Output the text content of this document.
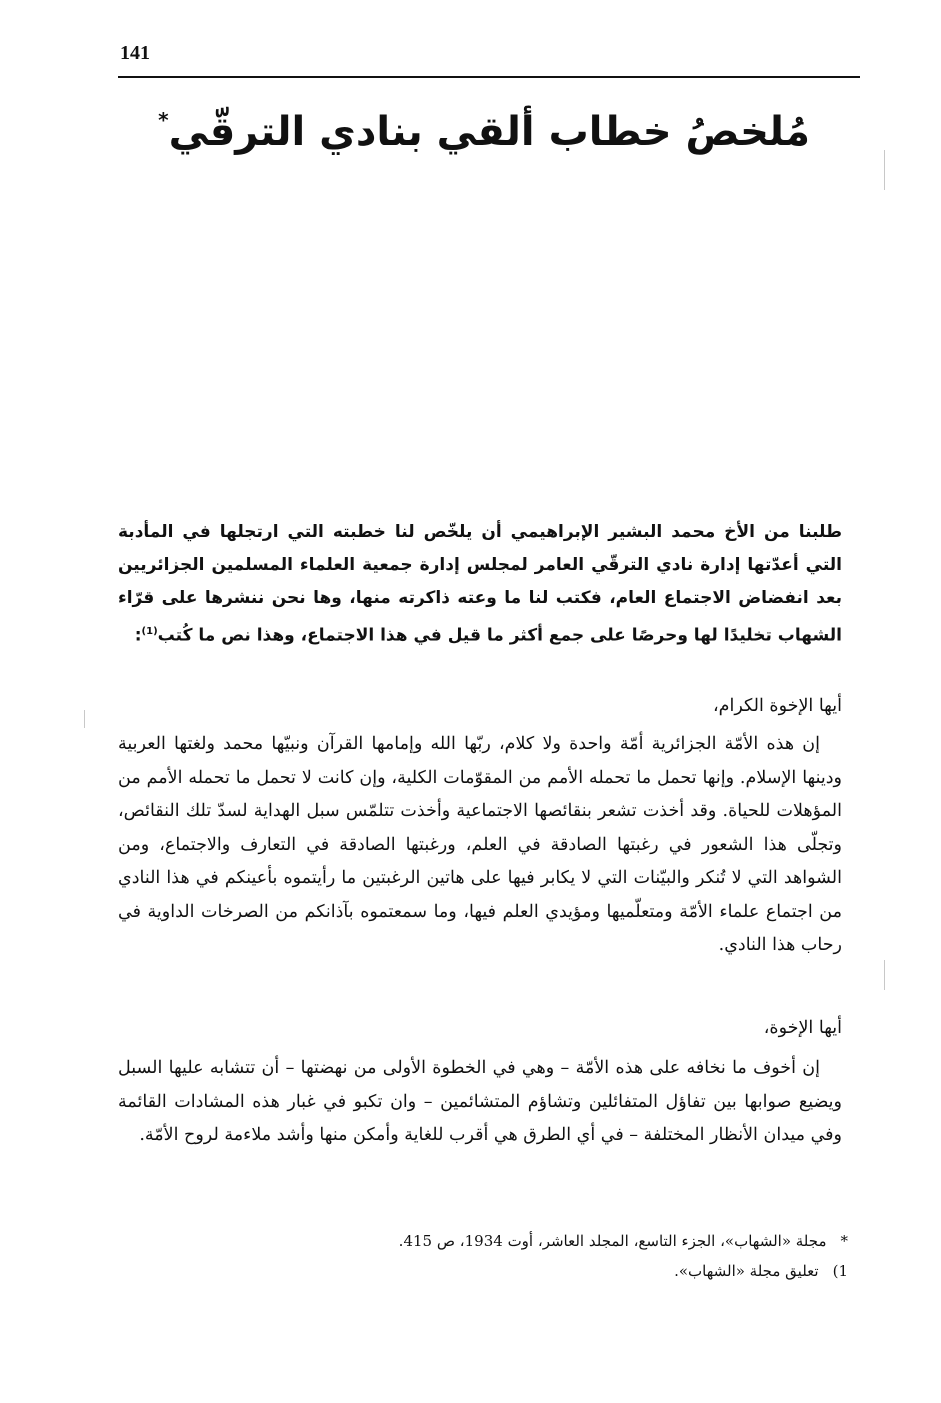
141
مُلخصُ خطاب ألقي بنادي الترقّي*
طلبنا من الأخ محمد البشير الإبراهيمي أن يلخّص لنا خطبته التي ارتجلها في المأدبة التي أعدّتها إدارة نادي الترقّي العامر لمجلس إدارة جمعية العلماء المسلمين الجزائريين بعد انفضاض الاجتماع العام، فكتب لنا ما وعته ذاكرته منها، وها نحن ننشرها على قرّاء الشهاب تخليدًا لها وحرصًا على جمع أكثر ما قيل في هذا الاجتماع، وهذا نص ما كُتب$^{(1)}$:
أيها الإخوة الكرام،
إن هذه الأمّة الجزائرية أمّة واحدة ولا كلام، ربّها الله وإمامها القرآن ونبيّها محمد ولغتها العربية ودينها الإسلام. وإنها تحمل ما تحمله الأمم من المقوّمات الكلية، وإن كانت لا تحمل ما تحمله الأمم من المؤهلات للحياة. وقد أخذت تشعر بنقائصها الاجتماعية وأخذت تتلمّس سبل الهداية لسدّ تلك النقائص، وتجلّى هذا الشعور في رغبتها الصادقة في العلم، ورغبتها الصادقة في التعارف والاجتماع، ومن الشواهد التي لا تُنكر والبيّنات التي لا يكابر فيها على هاتين الرغبتين ما رأيتموه بأعينكم في هذا النادي من اجتماع علماء الأمّة ومتعلّميها ومؤيدي العلم فيها، وما سمعتموه بآذانكم من الصرخات الداوية في رحاب هذا النادي.
أيها الإخوة،
إن أخوف ما نخافه على هذه الأمّة – وهي في الخطوة الأولى من نهضتها – أن تتشابه عليها السبل ويضيع صوابها بين تفاؤل المتفائلين وتشاؤم المتشائمين – وان تكبو في غبار هذه المشادات القائمة وفي ميدان الأنظار المختلفة – في أي الطرق هي أقرب للغاية وأمكن منها وأشد ملاءمة لروح الأمّة.
*مجلة «الشهاب»، الجزء التاسع، المجلد العاشر، أوت 1934، ص 415.
1)تعليق مجلة «الشهاب».
